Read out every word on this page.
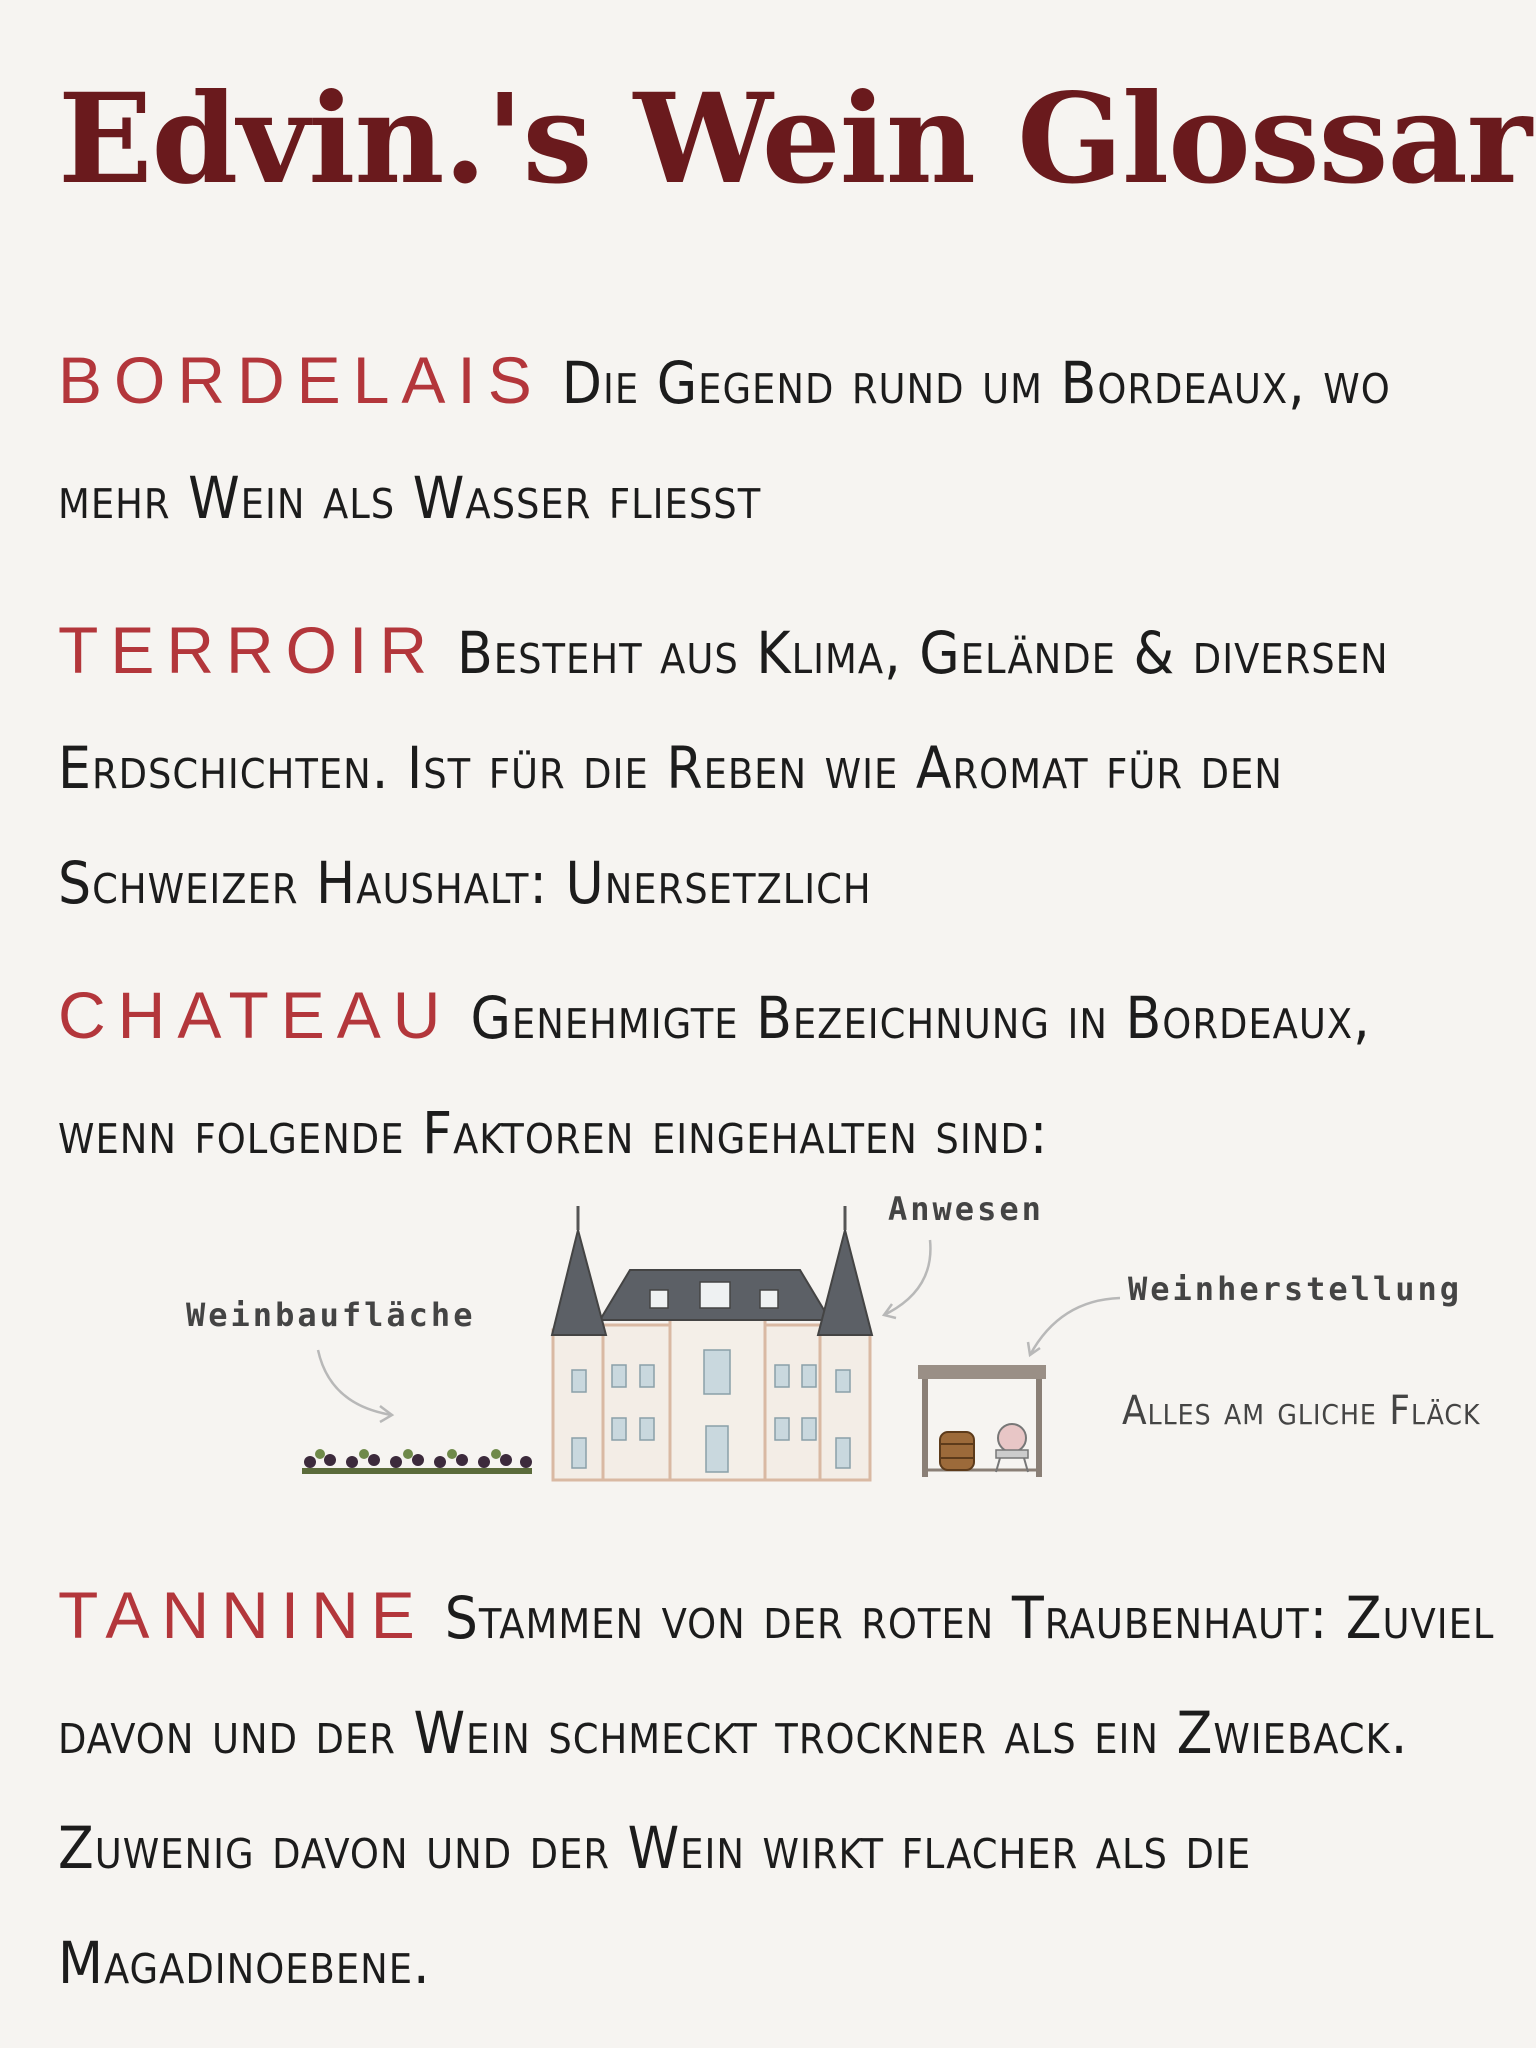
Edvin.'s Wein Glossar

BORDELAIS Die Gegend rund um Bordeaux, wo mehr Wein als Wasser fliesst

TERROIR Besteht aus Klima, Gelände & diversen Erdschichten. Ist für die Reben wie Aromat für den Schweizer Haushalt: Unersetzlich

CHATEAU Genehmigte Bezeichnung in Bordeaux, wenn folgende Faktoren eingehalten sind:

Anwesen
Weinbaufläche
Weinherstellung
Alles am gliche Fläck

TANNINE Stammen von der roten Traubenhaut: Zuviel davon und der Wein schmeckt trockner als ein Zwieback. Zuwenig davon und der Wein wirkt flacher als die Magadinoebene.
